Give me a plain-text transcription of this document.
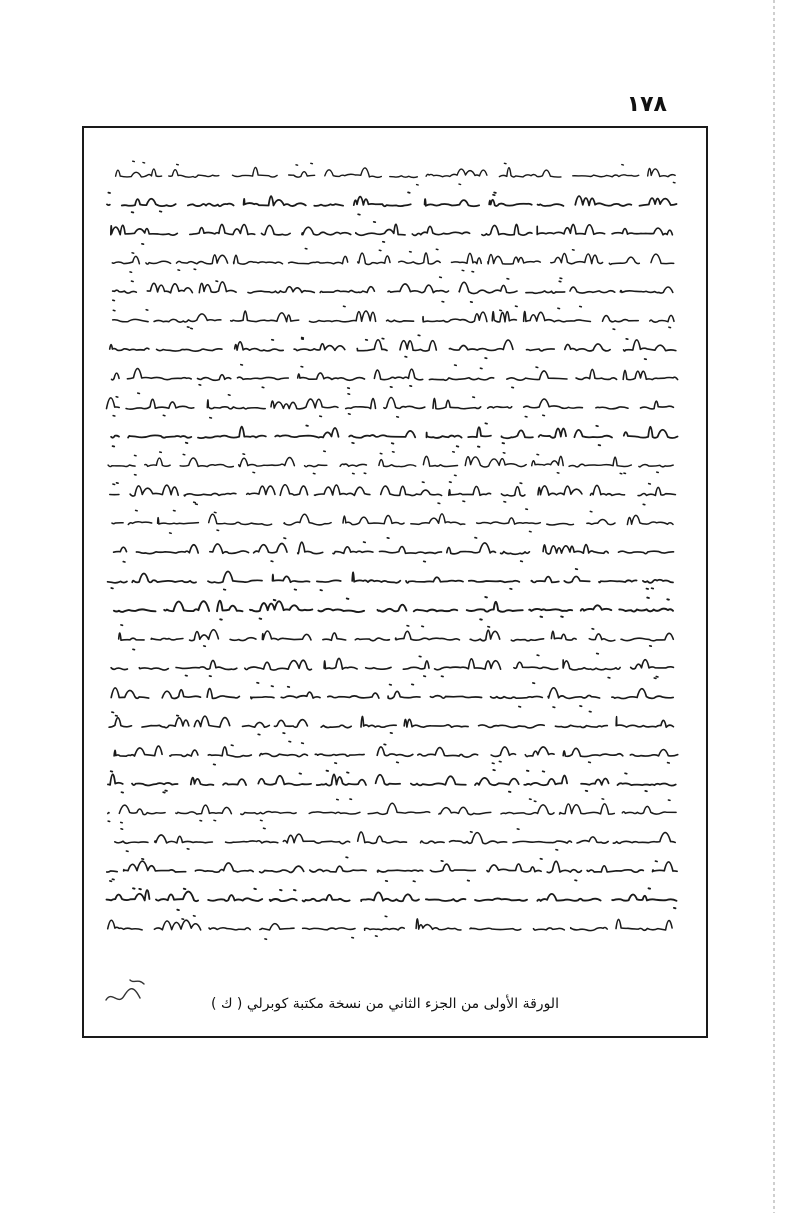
١٧٨
الورقة الأولى من الجزء الثاني من نسخة مكتبة كوبرلي ( ك )
